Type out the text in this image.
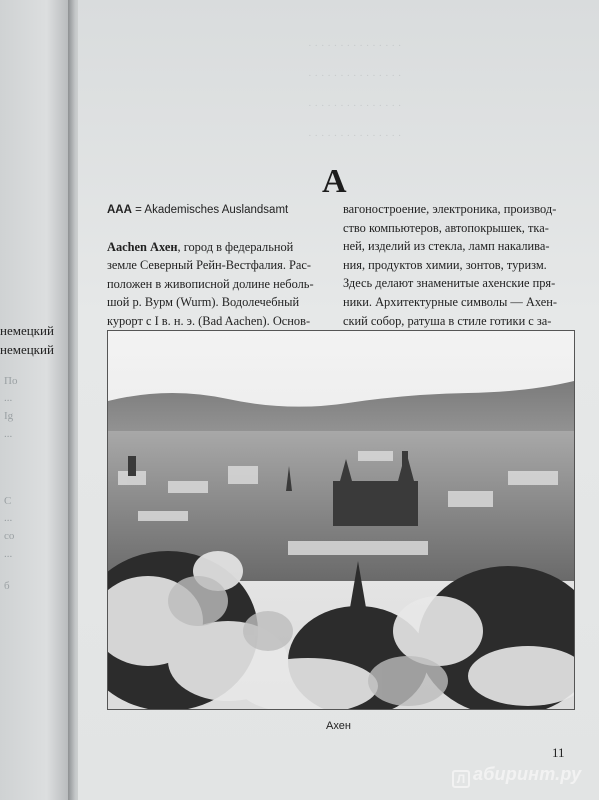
немецкий
немецкий
По
...
Ig
...
С
...
со
...
б
· · · · · · · · · · · · · · ·
· · · · · · · · · · · · · · ·
· · · · · · · · · · · · · · ·
· · · · · · · · · · · · · · ·
А
AAA = Akademisches Auslandsamt
Aachen Ахен, город в федеральной
земле Северный Рейн-Вестфалия. Рас-
положен в живописной долине неболь-
шой р. Вурм (Wurm). Водолечебный
курорт с I в. н. э. (Bad Aachen). Основ-
вагоностроение, электроника, производ-
ство компьютеров, автопокрышек, тка-
ней, изделий из стекла, ламп накалива-
ния, продуктов химии, зонтов, туризм.
Здесь делают знаменитые ахенские пря-
ники. Архитектурные символы — Ахен-
ский собор, ратуша в стиле готики с за-
Ахен
11
Л абиринт.ру
